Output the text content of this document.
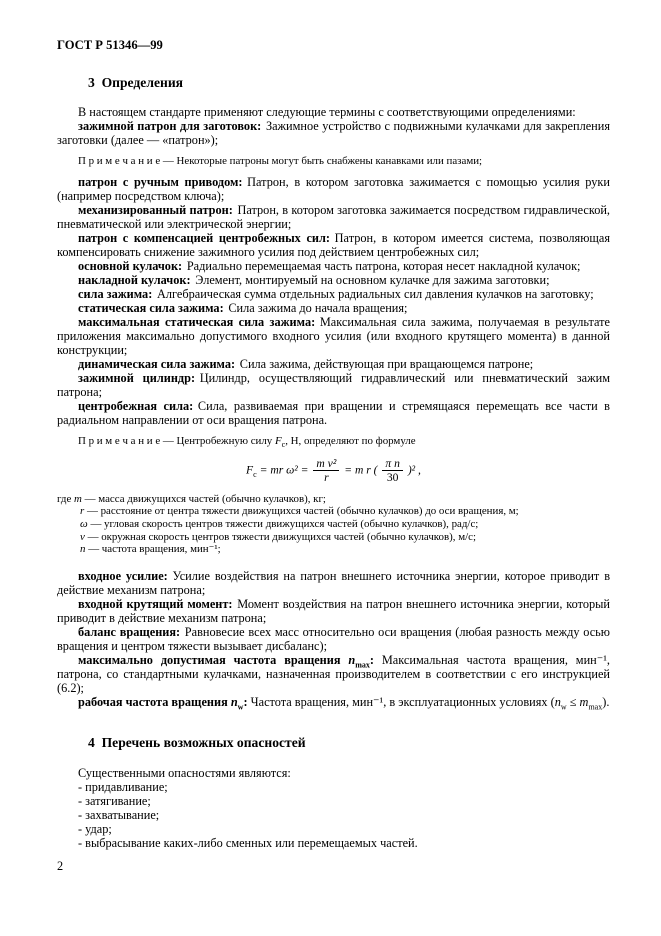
ГОСТ Р 51346—99
3  Определения

В настоящем стандарте применяют следующие термины с соответствующими определениями:

зажимной патрон для заготовок: Зажимное устройство с подвижными кулачками для закрепления заготовки (далее — «патрон»);

П р и м е ч а н и е — Некоторые патроны могут быть снабжены канавками или пазами;

патрон с ручным приводом: Патрон, в котором заготовка зажимается с помощью усилия руки (например посредством ключа);

механизированный патрон: Патрон, в котором заготовка зажимается посредством гидравлической, пневматической или электрической энергии;

патрон с компенсацией центробежных сил: Патрон, в котором имеется система, позволяющая компенсировать снижение зажимного усилия под действием центробежных сил;

основной кулачок: Радиально перемещаемая часть патрона, которая несет накладной кулачок;

накладной кулачок: Элемент, монтируемый на основном кулачке для зажима заготовки;

сила зажима: Алгебраическая сумма отдельных радиальных сил давления кулачков на заготовку;

статическая сила зажима: Сила зажима до начала вращения;

максимальная статическая сила зажима: Максимальная сила зажима, получаемая в результате приложения максимально допустимого входного усилия (или входного крутящего момента) в данной конструкции;

динамическая сила зажима: Сила зажима, действующая при вращающемся патроне;

зажимной цилиндр: Цилиндр, осуществляющий гидравлический или пневматический зажим патрона;

центробежная сила: Сила, развиваемая при вращении и стремящаяся перемещать все части в радиальном направлении от оси вращения патрона.

П р и м е ч а н и е — Центробежную силу $F_c$, Н, определяют по формуле

$F_c$ = mr $\omega^2 = \frac{\text{m v²}}{r} = m$ r ( $\frac{\text{π n}}{30} )^2$ ,
где m — масса движущихся частей (обычно кулачков), кг;
r — расстояние от центра тяжести движущихся частей (обычно кулачков) до оси вращения, м;
ω — угловая скорость центров тяжести движущихся частей (обычно кулачков), рад/с;
v — окружная скорость центров тяжести движущихся частей (обычно кулачков), м/с;
n — частота вращения, мин⁻¹;

входное усилие: Усилие воздействия на патрон внешнего источника энергии, которое приводит в действие механизм патрона;

входной крутящий момент: Момент воздействия на патрон внешнего источника энергии, который приводит в действие механизм патрона;

баланс вращения: Равновесие всех масс относительно оси вращения (любая разность между осью вращения и центром тяжести вызывает дисбаланс);

максимально допустимая частота вращения $n_{max}$: Максимальная частота вращения, мин⁻¹, патрона, со стандартными кулачками, назначенная производителем в соответствии с его инструкцией (6.2);

рабочая частота вращения $n_w$: Частота вращения, мин⁻¹, в эксплуатационных условиях $(n_w \le m_{max})$.

4  Перечень возможных опасностей

Существенными опасностями являются:

- придавливание;

- затягивание;

- захватывание;

- удар;

- выбрасывание каких-либо сменных или перемещаемых частей.

2
